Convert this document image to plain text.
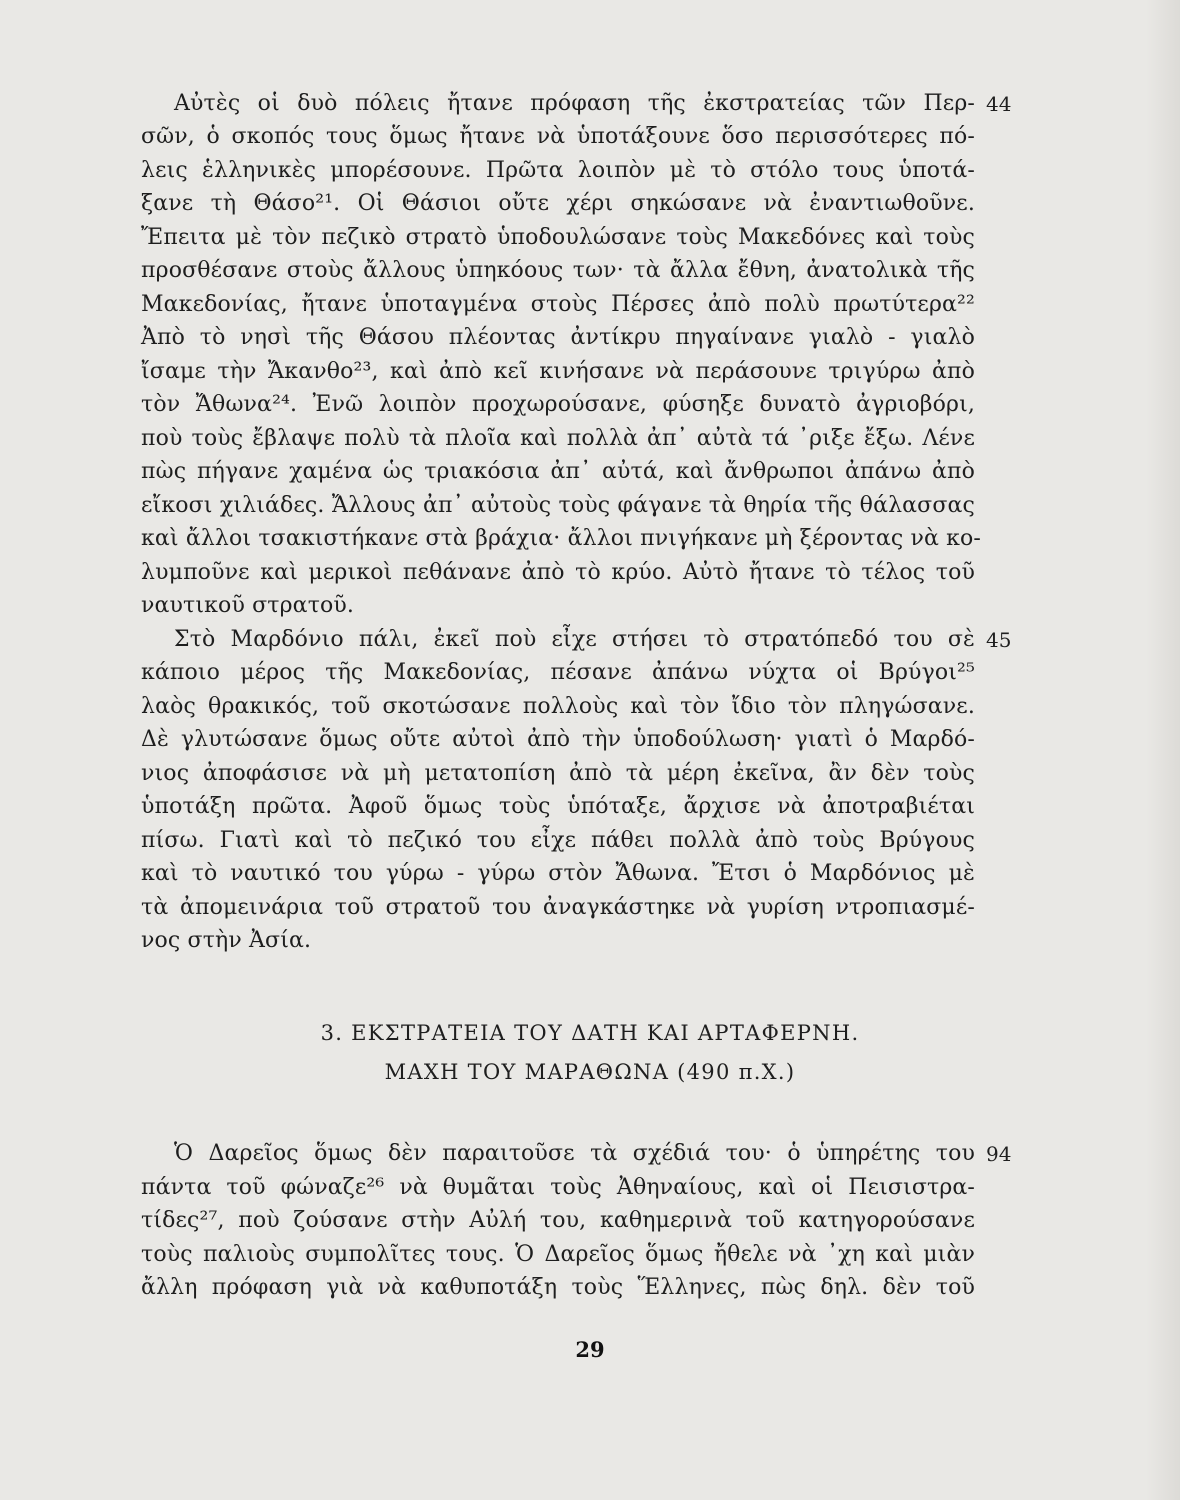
Αὐτὲς οἱ δυὸ πόλεις ἤτανε πρόφαση τῆς ἐκστρατείας τῶν Περ-
σῶν, ὁ σκοπός τους ὅμως ἤτανε νὰ ὑποτάξουνε ὅσο περισσότερες πό-
λεις ἑλληνικὲς μπορέσουνε. Πρῶτα λοιπὸν μὲ τὸ στόλο τους ὑποτά-
ξανε τὴ Θάσο²¹. Οἱ Θάσιοι οὔτε χέρι σηκώσανε νὰ ἐναντιωθοῦνε.
Ἔπειτα μὲ τὸν πεζικὸ στρατὸ ὑποδουλώσανε τοὺς Μακεδόνες καὶ τοὺς
προσθέσανε στοὺς ἄλλους ὑπηκόους των· τὰ ἄλλα ἔθνη, ἀνατολικὰ τῆς
Μακεδονίας, ἤτανε ὑποταγμένα στοὺς Πέρσες ἀπὸ πολὺ πρωτύτερα²²
Ἀπὸ τὸ νησὶ τῆς Θάσου πλέοντας ἀντίκρυ πηγαίνανε γιαλὸ - γιαλὸ
ἴσαμε τὴν Ἄκανθο²³, καὶ ἀπὸ κεῖ κινήσανε νὰ περάσουνε τριγύρω ἀπὸ
τὸν Ἄθωνα²⁴. Ἐνῶ λοιπὸν προχωρούσανε, φύσηξε δυνατὸ ἀγριοβόρι,
ποὺ τοὺς ἔβλαψε πολὺ τὰ πλοῖα καὶ πολλὰ ἀπ᾽ αὐτὰ τά ᾽ριξε ἔξω. Λένε
πὼς πήγανε χαμένα ὡς τριακόσια ἀπ᾽ αὐτά, καὶ ἄνθρωποι ἀπάνω ἀπὸ
εἴκοσι χιλιάδες. Ἄλλους ἀπ᾽ αὐτοὺς τοὺς φάγανε τὰ θηρία τῆς θάλασσας
καὶ ἄλλοι τσακιστήκανε στὰ βράχια· ἄλλοι πνιγήκανε μὴ ξέροντας νὰ κο-
λυμποῦνε καὶ μερικοὶ πεθάνανε ἀπὸ τὸ κρύο. Αὐτὸ ἤτανε τὸ τέλος τοῦ
ναυτικοῦ στρατοῦ.
Στὸ Μαρδόνιο πάλι, ἐκεῖ ποὺ εἶχε στήσει τὸ στρατόπεδό του σὲ
κάποιο μέρος τῆς Μακεδονίας, πέσανε ἀπάνω νύχτα οἱ Βρύγοι²⁵
λαὸς θρακικός, τοῦ σκοτώσανε πολλοὺς καὶ τὸν ἴδιο τὸν πληγώσανε.
Δὲ γλυτώσανε ὅμως οὔτε αὐτοὶ ἀπὸ τὴν ὑποδούλωση· γιατὶ ὁ Μαρδό-
νιος ἀποφάσισε νὰ μὴ μετατοπίση ἀπὸ τὰ μέρη ἐκεῖνα, ἂν δὲν τοὺς
ὑποτάξη πρῶτα. Ἀφοῦ ὅμως τοὺς ὑπόταξε, ἄρχισε νὰ ἀποτραβιέται
πίσω. Γιατὶ καὶ τὸ πεζικό του εἶχε πάθει πολλὰ ἀπὸ τοὺς Βρύγους
καὶ τὸ ναυτικό του γύρω - γύρω στὸν Ἄθωνα. Ἔτσι ὁ Μαρδόνιος μὲ
τὰ ἀπομεινάρια τοῦ στρατοῦ του ἀναγκάστηκε νὰ γυρίση ντροπιασμέ-
νος στὴν Ἀσία.
3. ΕΚΣΤΡΑΤΕΙΑ ΤΟΥ ΔΑΤΗ ΚΑΙ ΑΡΤΑΦΕΡΝΗ.
ΜΑΧΗ ΤΟΥ ΜΑΡΑΘΩΝΑ (490 π.Χ.)
Ὁ Δαρεῖος ὅμως δὲν παραιτοῦσε τὰ σχέδιά του· ὁ ὑπηρέτης του
πάντα τοῦ φώναζε²⁶ νὰ θυμᾶται τοὺς Ἀθηναίους, καὶ οἱ Πεισιστρα-
τίδες²⁷, ποὺ ζούσανε στὴν Αὐλή του, καθημερινὰ τοῦ κατηγορούσανε
τοὺς παλιοὺς συμπολῖτες τους. Ὁ Δαρεῖος ὅμως ἤθελε νὰ ᾽χη καὶ μιὰν
ἄλλη πρόφαση γιὰ νὰ καθυποτάξη τοὺς Ἕλληνες, πὼς δηλ. δὲν τοῦ
44
45
94
29
